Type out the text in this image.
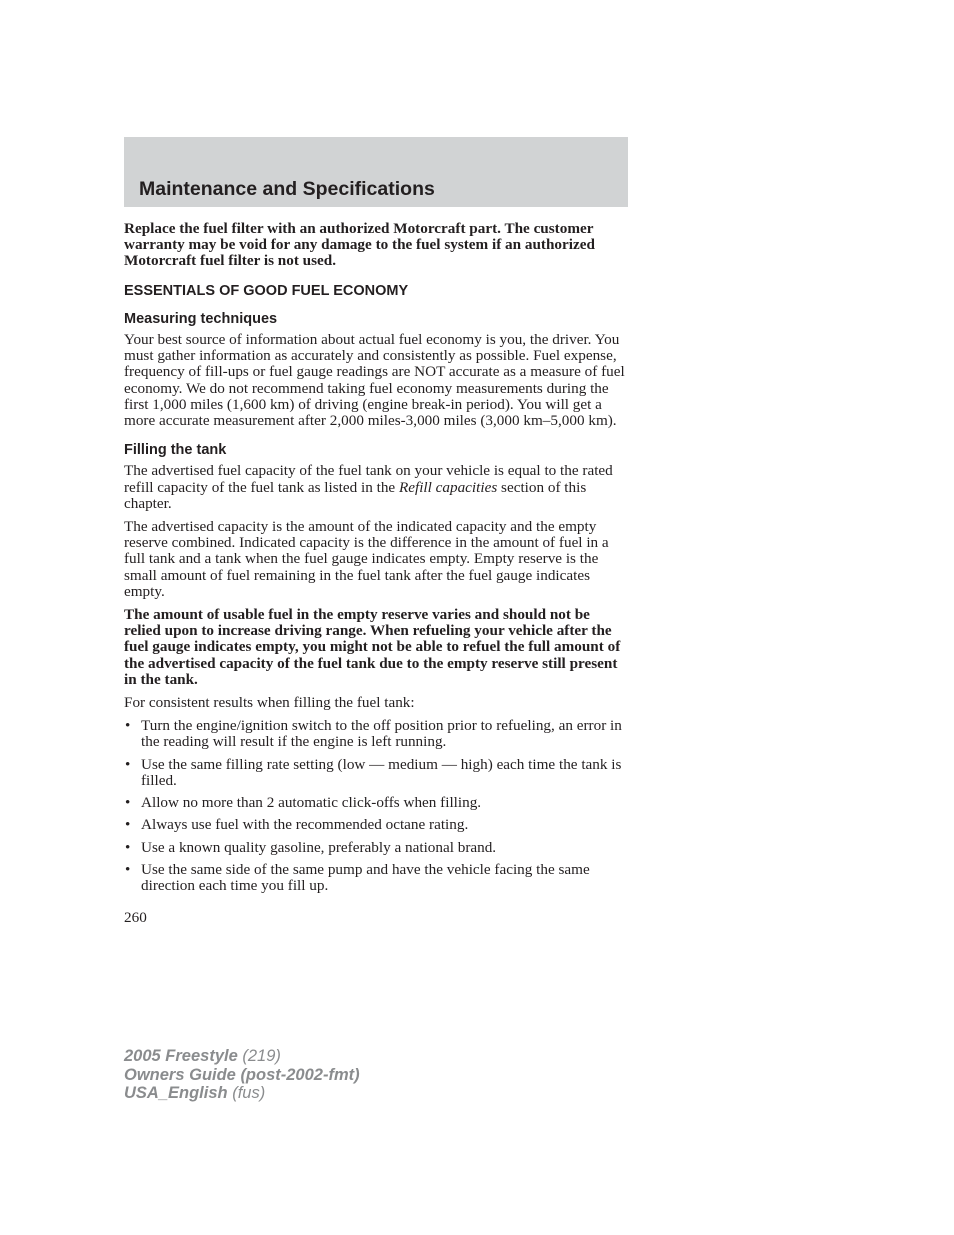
Maintenance and Specifications

Replace the fuel filter with an authorized Motorcraft part. The customer warranty may be void for any damage to the fuel system if an authorized Motorcraft fuel filter is not used.

ESSENTIALS OF GOOD FUEL ECONOMY
Measuring techniques

Your best source of information about actual fuel economy is you, the driver. You must gather information as accurately and consistently as possible. Fuel expense, frequency of fill-ups or fuel gauge readings are NOT accurate as a measure of fuel economy. We do not recommend taking fuel economy measurements during the first 1,000 miles (1,600 km) of driving (engine break-in period). You will get a more accurate measurement after 2,000 miles-3,000 miles (3,000 km–5,000 km).

Filling the tank

The advertised fuel capacity of the fuel tank on your vehicle is equal to the rated refill capacity of the fuel tank as listed in the Refill capacities section of this chapter.

The advertised capacity is the amount of the indicated capacity and the empty reserve combined. Indicated capacity is the difference in the amount of fuel in a full tank and a tank when the fuel gauge indicates empty. Empty reserve is the small amount of fuel remaining in the fuel tank after the fuel gauge indicates empty.

The amount of usable fuel in the empty reserve varies and should not be relied upon to increase driving range. When refueling your vehicle after the fuel gauge indicates empty, you might not be able to refuel the full amount of the advertised capacity of the fuel tank due to the empty reserve still present in the tank.

For consistent results when filling the fuel tank:

• Turn the engine/ignition switch to the off position prior to refueling, an error in the reading will result if the engine is left running.
• Use the same filling rate setting (low — medium — high) each time the tank is filled.
• Allow no more than 2 automatic click-offs when filling.
• Always use fuel with the recommended octane rating.
• Use a known quality gasoline, preferably a national brand.
• Use the same side of the same pump and have the vehicle facing the same direction each time you fill up.
260
2005 Freestyle (219)
Owners Guide (post-2002-fmt)
USA_English (fus)
